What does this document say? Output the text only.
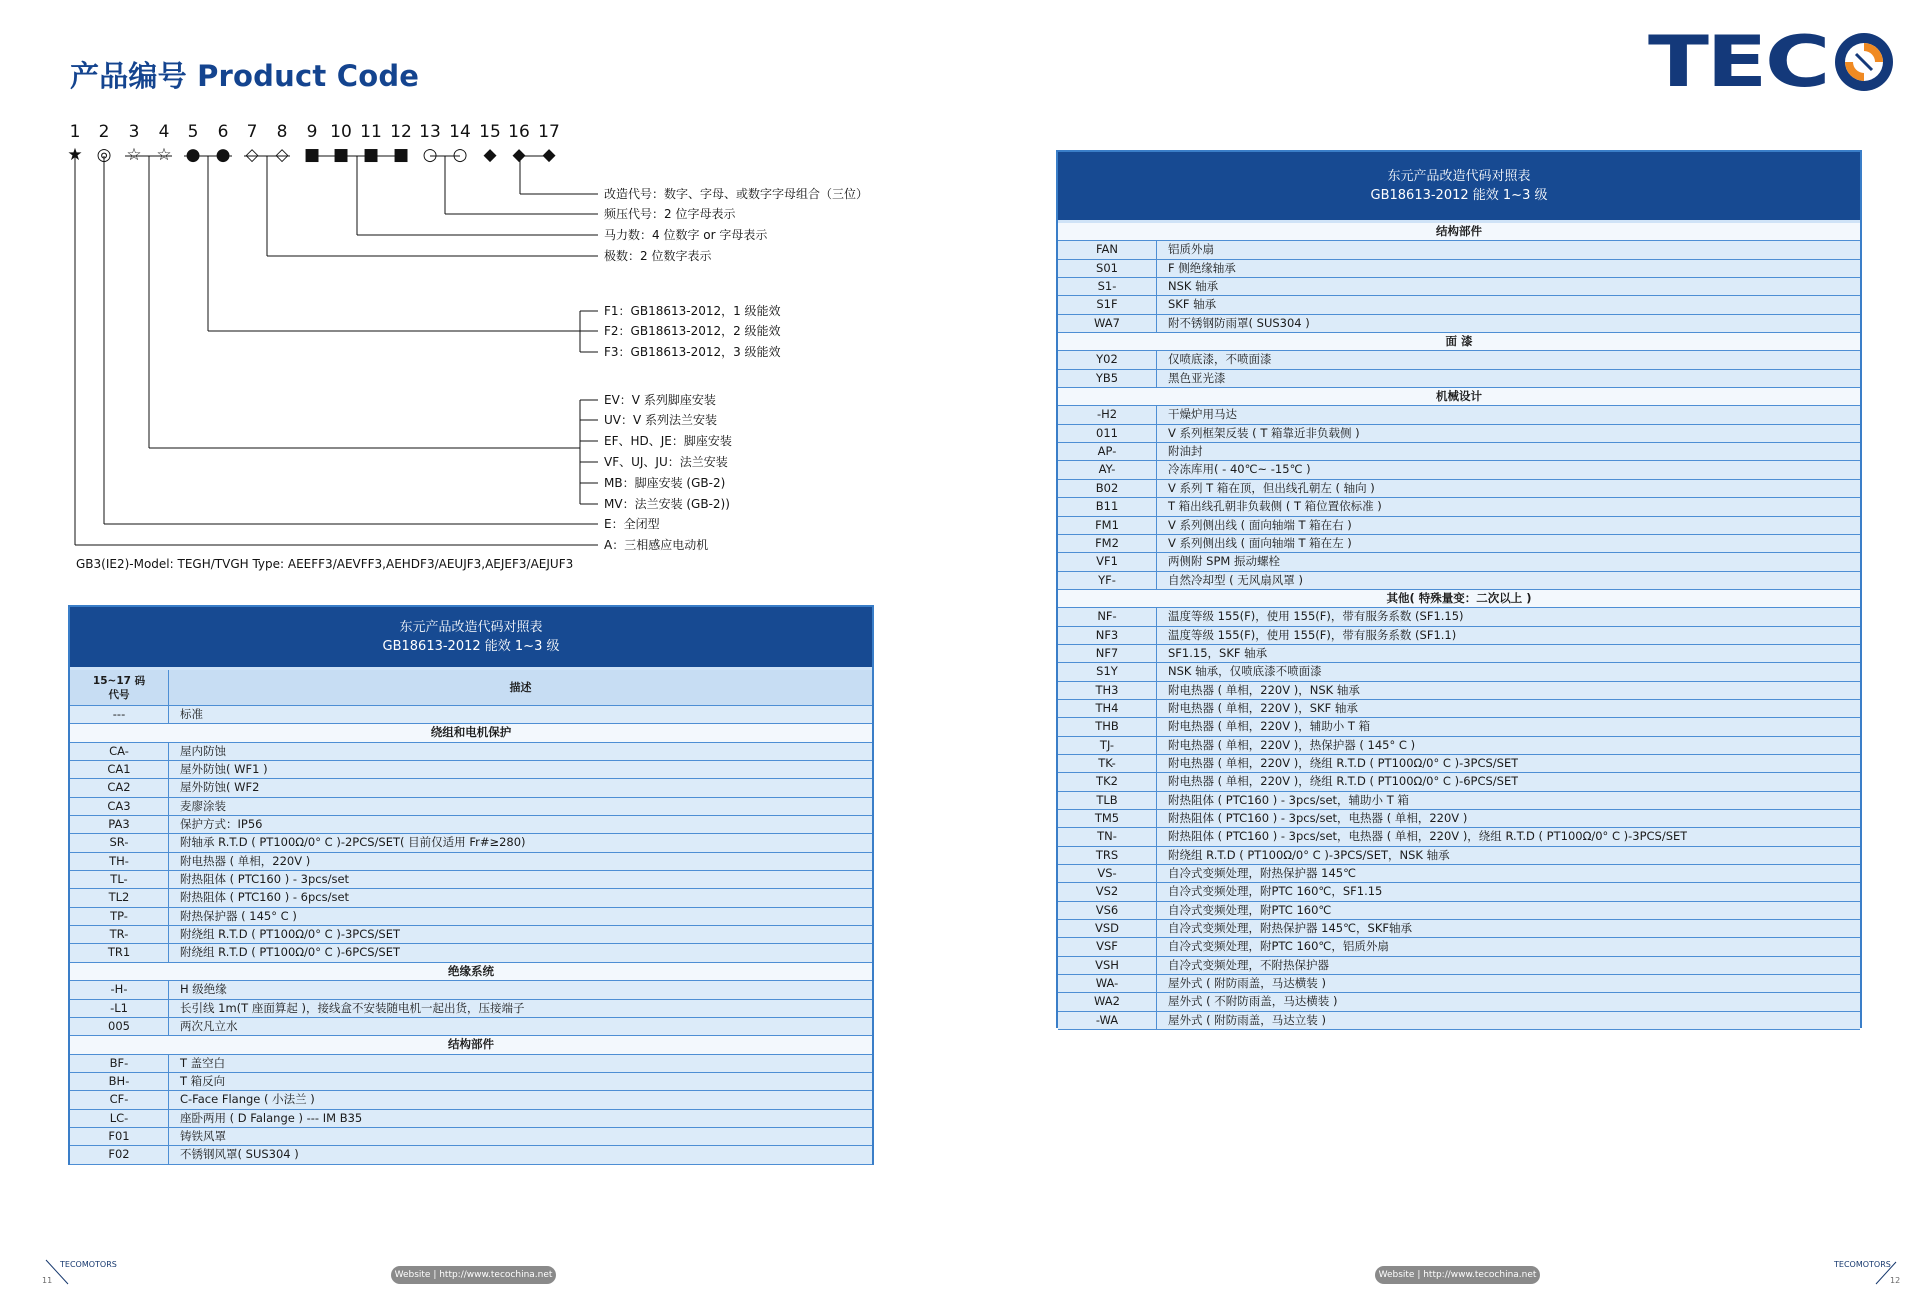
产品编号 Product Code	TEC
1	2	3	4	5	6	7	8	9 10 11 12 13 14 15 16 17
★ ◎ ☆ ☆ ● ● ◇ ◇ ■ ■ ■ ■ ○ ○ ◆ ◆ ◆
改造代号：数字、字母、或数字字母组合（三位）
频压代号：2 位字母表示
马力数：4 位数字 or 字母表示
极数：2 位数字表示
F1：GB18613-2012，1 级能效
F2：GB18613-2012，2 级能效
F3：GB18613-2012，3 级能效
EV：V 系列脚座安装
UV：V 系列法兰安装
EF、HD、JE：脚座安装
VF、UJ、JU：法兰安装
MB：脚座安装 (GB-2)
MV：法兰安装 (GB-2))
E：全闭型
A：三相感应电动机
GB3(IE2)-Model: TEGH/TVGH Type: AEEFF3/AEVFF3,AEHDF3/AEUJF3,AEJEF3/AEJUF3
东元产品改造代码对照表
GB18613-2012 能效 1~3 级
15~17 码
代号
描述
---	标准
绕组和电机保护
CA-	屋内防蚀
CA1	屋外防蚀( WF1 )
CA2	屋外防蚀( WF2
CA3	麦廖涂装
PA3	保护方式：IP56
SR-	附轴承 R.T.D ( PT100Ω/0° C )-2PCS/SET( 目前仅适用 Fr#≥280)
TH-	附电热器 ( 单相，220V )
TL-	附热阻体 ( PTC160 ) - 3pcs/set
TL2	附热阻体 ( PTC160 ) - 6pcs/set
TP-	附热保护器 ( 145° C )
TR-	附绕组 R.T.D ( PT100Ω/0° C )-3PCS/SET
TR1	附绕组 R.T.D ( PT100Ω/0° C )-6PCS/SET
绝缘系统
-H-	H 级绝缘
-L1	长引线 1m(T 座面算起 )，接线盒不安装随电机一起出货，压接端子
005	两次凡立水
结构部件
BF-	T 盖空白
BH-	T 箱反向
CF-	C-Face Flange ( 小法兰 )
LC-	座卧两用 ( D Falange ) --- IM B35
F01	铸铁风罩
F02	不锈钢风罩( SUS304 )
东元产品改造代码对照表
GB18613-2012 能效 1~3 级
结构部件
FAN	铝质外扇
S01	F 侧绝缘轴承
S1-	NSK 轴承
S1F	SKF 轴承
WA7	附不锈钢防雨罩( SUS304 )
面 漆
Y02	仅喷底漆，不喷面漆
YB5	黑色亚光漆
机械设计
-H2	干燥炉用马达
011	V 系列框架反装 ( T 箱靠近非负载侧 )
AP-	附油封
AY-	冷冻库用( - 40℃~ -15℃ )
B02	V 系列 T 箱在顶，但出线孔朝左 ( 轴向 )
B11	T 箱出线孔朝非负载侧 ( T 箱位置依标准 )
FM1	V 系列侧出线 ( 面向轴端 T 箱在右 )
FM2	V 系列侧出线 ( 面向轴端 T 箱在左 )
VF1	两侧附 SPM 振动螺栓
YF-	自然冷却型 ( 无风扇风罩 )
其他( 特殊量变：二次以上 )
NF-	温度等级 155(F)，使用 155(F)，带有服务系数 (SF1.15)
NF3	温度等级 155(F)，使用 155(F)，带有服务系数 (SF1.1)
NF7	SF1.15，SKF 轴承
S1Y	NSK 轴承，仅喷底漆不喷面漆
TH3	附电热器 ( 单相，220V )，NSK 轴承
TH4	附电热器 ( 单相，220V )，SKF 轴承
THB	附电热器 ( 单相，220V )，辅助小 T 箱
TJ-	附电热器 ( 单相，220V )，热保护器 ( 145° C )
TK-	附电热器 ( 单相，220V )，绕组 R.T.D ( PT100Ω/0° C )-3PCS/SET
TK2	附电热器 ( 单相，220V )，绕组 R.T.D ( PT100Ω/0° C )-6PCS/SET
TLB	附热阻体 ( PTC160 ) - 3pcs/set，辅助小 T 箱
TM5	附热阻体 ( PTC160 ) - 3pcs/set，电热器 ( 单相，220V )
TN-	附热阻体 ( PTC160 ) - 3pcs/set，电热器 ( 单相，220V )，绕组 R.T.D ( PT100Ω/0° C )-3PCS/SET
TRS	附绕组 R.T.D ( PT100Ω/0° C )-3PCS/SET，NSK 轴承
VS-	自冷式变频处理，附热保护器 145℃
VS2	自冷式变频处理，附PTC 160℃，SF1.15
VS6	自冷式变频处理，附PTC 160℃
VSD	自冷式变频处理，附热保护器 145℃，SKF轴承
VSF	自冷式变频处理，附PTC 160℃，铝质外扇
VSH	自冷式变频处理，不附热保护器
WA-	屋外式 ( 附防雨盖，马达横装 )
WA2	屋外式 ( 不附防雨盖，马达横装 )
-WA	屋外式 ( 附防雨盖，马达立装 )
TECOMOTORS
11
Website | http://www.tecochina.net	Website | http://www.tecochina.net
TECOMOTORS
12
